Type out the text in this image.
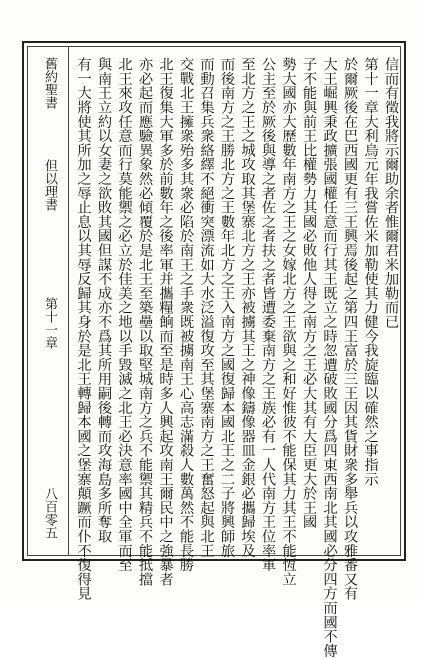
信而有徵我將示爾助余者惟爾君米加勒而已
第十一章大利烏元年我嘗佐米加勒使其力健今我旋臨以確然之事指示
於爾厥後在巴西國更有三王興焉後起之第四王富於三王因其貨財衆多舉兵以攻雅番又有
大王崛興秉政擴張國權任意而行其王既立之時忽遭破敗國分爲四東西南北其國必分四方而國不傳
子不能與前王比權勢力其國必敗他人得之南方之王必大其有大臣更大於王國
勢大國亦大歷數年南方之王之女嫁北方之王欲與之和好惟彼不能保其力其王不能恆立
公主至於厥後與導之者佐之者扶之者皆遭委棄南方之王族必有一人代南方王位率軍
至北方之王之城攻取其堡寨北方之王亦被擄其王之神像鑄像器皿金銀必攜歸埃及
而後南方之王勝北方之王數年北方之王入南方之國復歸本國北王之二子將興師旅
而動召集兵衆絡繹不絕衝突漂流如大水泛溢復攻至其堡寨南方之王奮怒起與北王
交戰北王擁衆殆多其衆必陷於南王之手衆既被擄南王心高志滿殺人數萬然不能長勝
北王復集大軍多於前數年之後率軍并攜糧餉而至是時多人興起攻南王爾民中之強暴者
亦必起而應驗異象然必傾覆於是北王至築壘以取堅城南方之兵不能禦其精兵不能抵擋
北王來攻任意而行莫能禦之必立於佳美之地以手毀滅之北王必決意率國中全軍而至
與南王立約以女妻之欲敗其國但謀不成亦不爲其所用嗣後轉而攻海島多所奪取
有一大將使其所加之辱止息以其辱反歸其身於是北王轉歸本國之堡寨顛蹶而仆不復得見
舊約聖書
但以理書
第十一章
八百零五
